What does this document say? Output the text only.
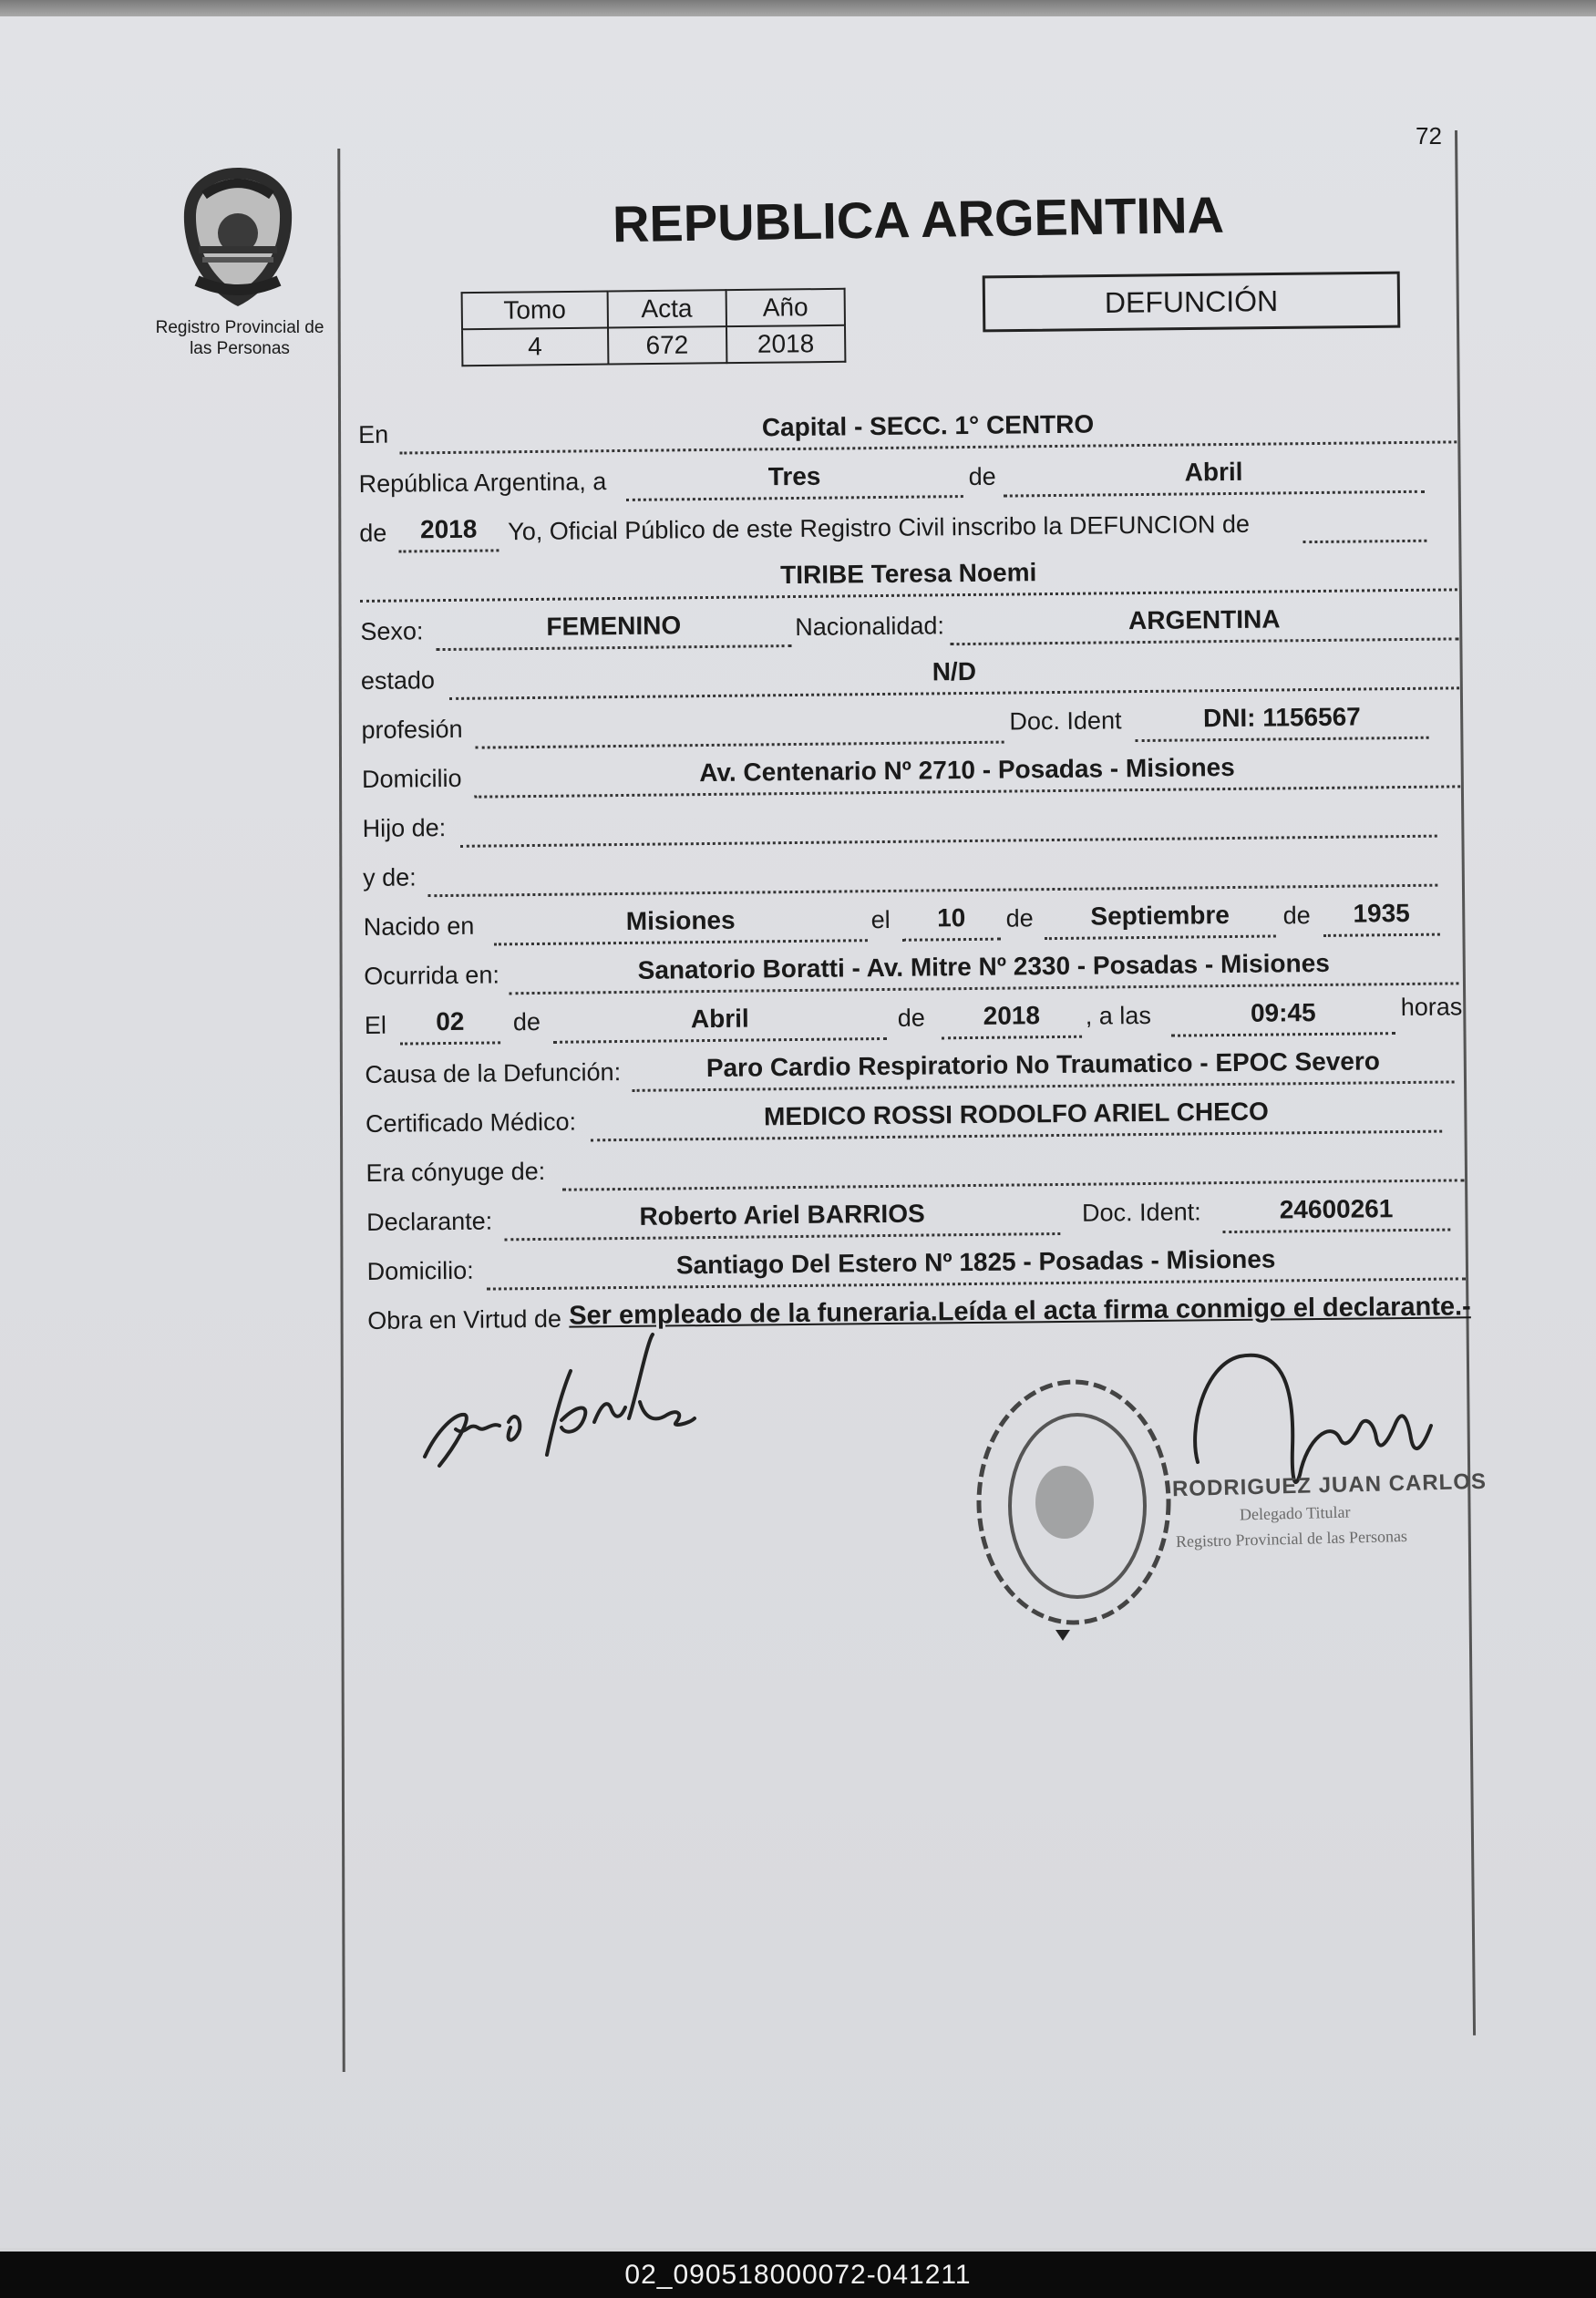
72
Registro Provincial de
las Personas
REPUBLICA ARGENTINA
Tomo	Acta	Año
4	672	2018
DEFUNCIÓN
En	Capital - SECC. 1° CENTRO
República Argentina, a	Tres	de	Abril
de	2018	Yo, Oficial Público de este Registro Civil inscribo la DEFUNCION de
TIRIBE Teresa Noemi
Sexo:	FEMENINO	Nacionalidad:	ARGENTINA
estado	N/D
profesión	Doc. Ident	DNI: 1156567
Domicilio	Av. Centenario Nº 2710 - Posadas - Misiones
Hijo de:
y de:
Nacido en	Misiones	el	10	de	Septiembre	de	1935
Ocurrida en:	Sanatorio Boratti - Av. Mitre Nº 2330 - Posadas - Misiones
El	02	de	Abril	de	2018	, a las	09:45	horas
Causa de la Defunción:	Paro Cardio Respiratorio No Traumatico - EPOC Severo
Certificado Médico:	MEDICO ROSSI RODOLFO ARIEL CHECO
Era cónyuge de:
Declarante:	Roberto Ariel BARRIOS	Doc. Ident:	24600261
Domicilio:	Santiago Del Estero Nº 1825 - Posadas - Misiones
Obra en Virtud de Ser empleado de la funeraria.Leída el acta firma conmigo el declarante.-
RODRIGUEZ JUAN CARLOS
Delegado Titular
Registro Provincial de las Personas
02_090518000072-041211
